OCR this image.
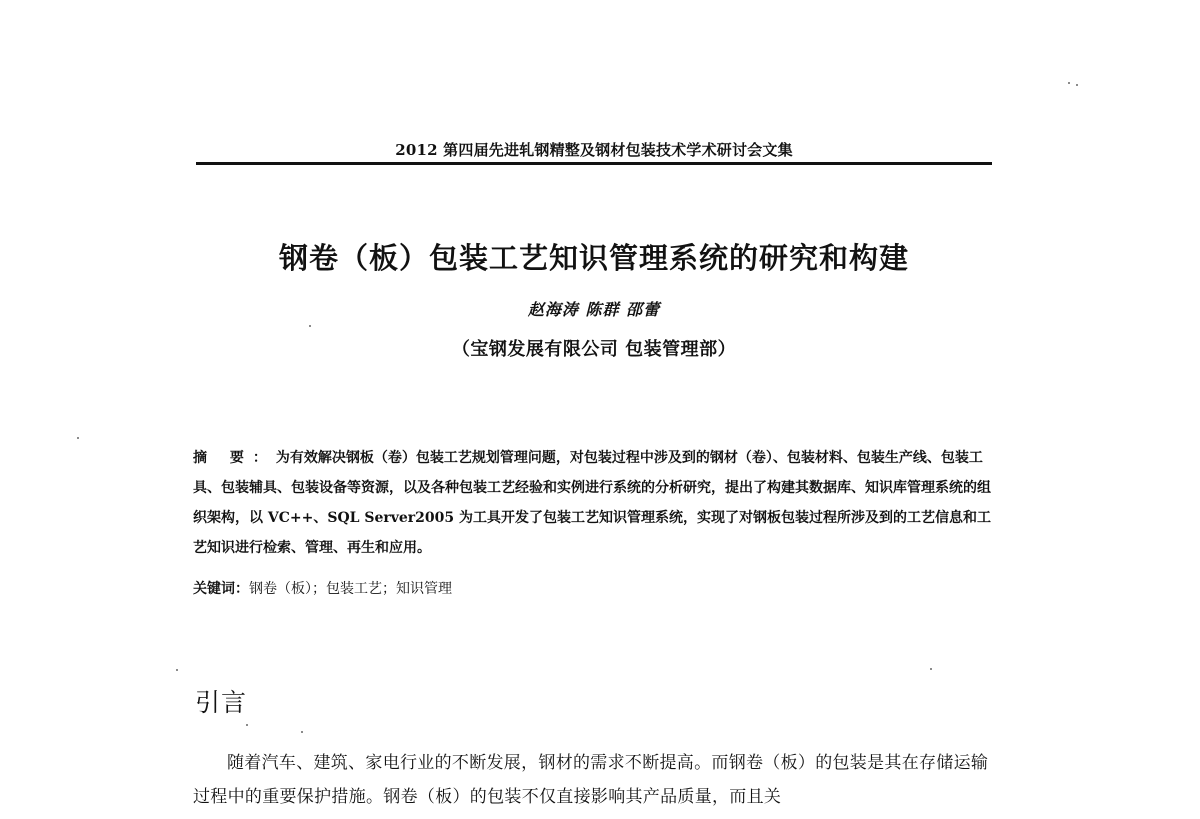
2012 第四届先进轧钢精整及钢材包装技术学术研讨会文集
钢卷（板）包装工艺知识管理系统的研究和构建
赵海涛 陈群 邵蕾
（宝钢发展有限公司 包装管理部）

摘 要：为有效解决钢板（卷）包装工艺规划管理问题，对包装过程中涉及到的钢材（卷）、包装材料、包装生产线、包装工具、包装辅具、包装设备等资源，以及各种包装工艺经验和实例进行系统的分析研究，提出了构建其数据库、知识库管理系统的组织架构，以 VC++、SQL Server2005 为工具开发了包装工艺知识管理系统，实现了对钢板包装过程所涉及到的工艺信息和工艺知识进行检索、管理、再生和应用。

关键词：钢卷（板）；包装工艺；知识管理

引言

随着汽车、建筑、家电行业的不断发展，钢材的需求不断提高。而钢卷（板）的包装是其在存储运输过程中的重要保护措施。钢卷（板）的包装不仅直接影响其产品质量，而且关
